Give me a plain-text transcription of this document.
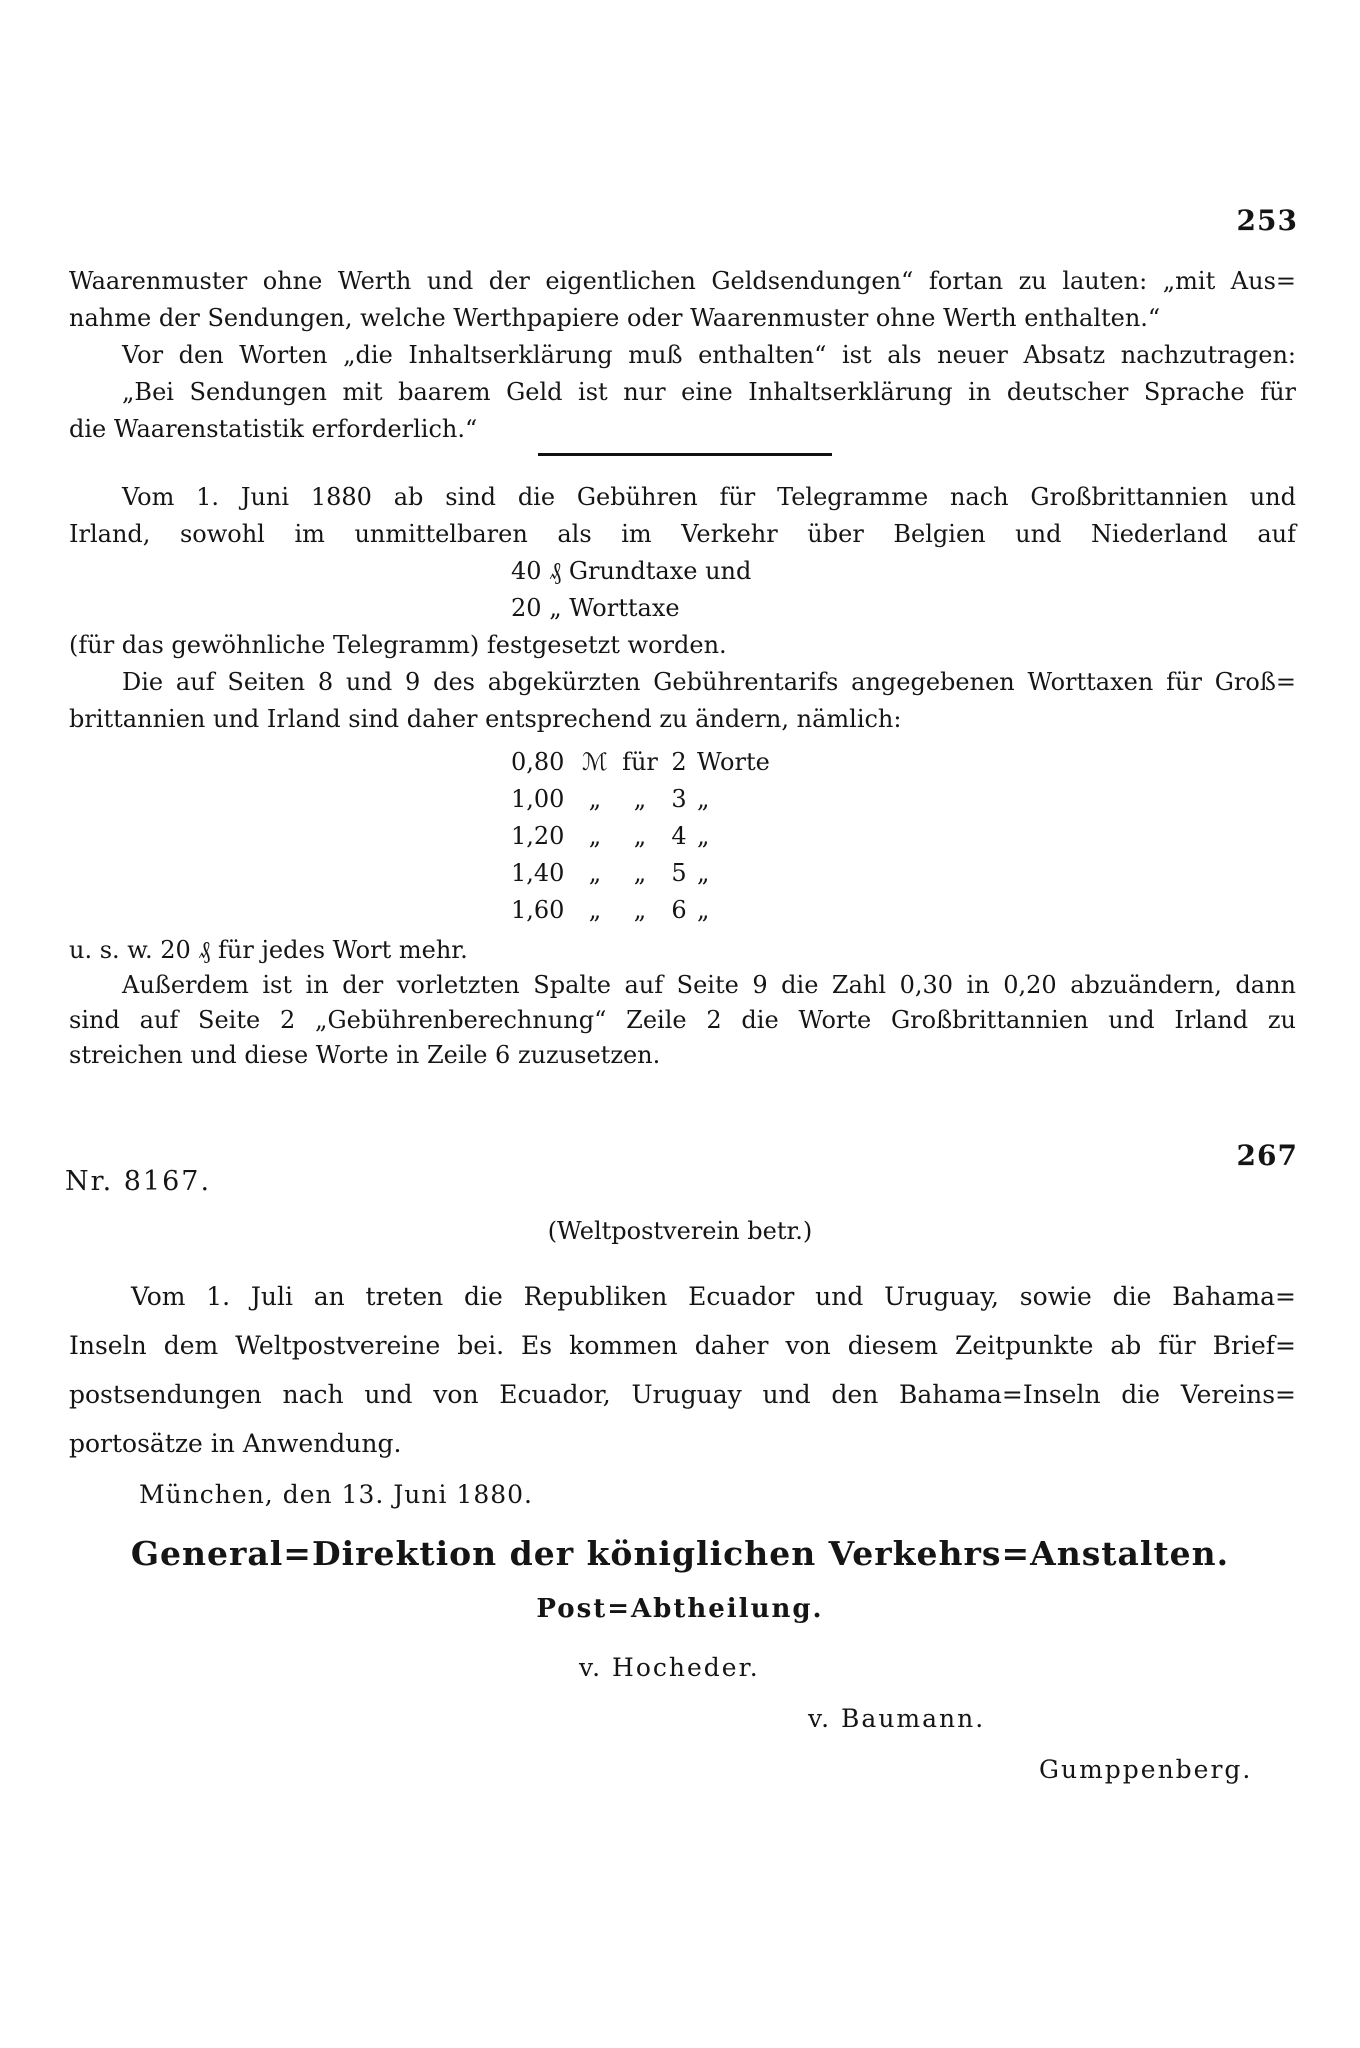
253
Waarenmuster ohne Werth und der eigentlichen Geldsendungen“ fortan zu lauten: „mit Aus=
nahme der Sendungen, welche Werthpapiere oder Waarenmuster ohne Werth enthalten.“
Vor den Worten „die Inhaltserklärung muß enthalten“ ist als neuer Absatz nachzutragen:
„Bei Sendungen mit baarem Geld ist nur eine Inhaltserklärung in deutscher Sprache für
die Waarenstatistik erforderlich.“
Vom 1. Juni 1880 ab sind die Gebühren für Telegramme nach Großbrittannien und
Irland, sowohl im unmittelbaren als im Verkehr über Belgien und Niederland auf
40 ₰ Grundtaxe und
20 „ Worttaxe
(für das gewöhnliche Telegramm) festgesetzt worden.
Die auf Seiten 8 und 9 des abgekürzten Gebührentarifs angegebenen Worttaxen für Groß=
brittannien und Irland sind daher entsprechend zu ändern, nämlich:
0,80 ℳ für 2 Worte
1,00 „ „ 3 „
1,20 „ „ 4 „
1,40 „ „ 5 „
1,60 „ „ 6 „
u. s. w. 20 ₰ für jedes Wort mehr.
Außerdem ist in der vorletzten Spalte auf Seite 9 die Zahl 0,30 in 0,20 abzuändern, dann
sind auf Seite 2 „Gebührenberechnung“ Zeile 2 die Worte Großbrittannien und Irland zu
streichen und diese Worte in Zeile 6 zuzusetzen.
267
Nr. 8167.
(Weltpostverein betr.)
Vom 1. Juli an treten die Republiken Ecuador und Uruguay, sowie die Bahama=
Inseln dem Weltpostvereine bei. Es kommen daher von diesem Zeitpunkte ab für Brief=
postsendungen nach und von Ecuador, Uruguay und den Bahama=Inseln die Vereins=
portosätze in Anwendung.
München, den 13. Juni 1880.
General=Direktion der königlichen Verkehrs=Anstalten.
Post=Abtheilung.
v. Hocheder.
v. Baumann.
Gumppenberg.
